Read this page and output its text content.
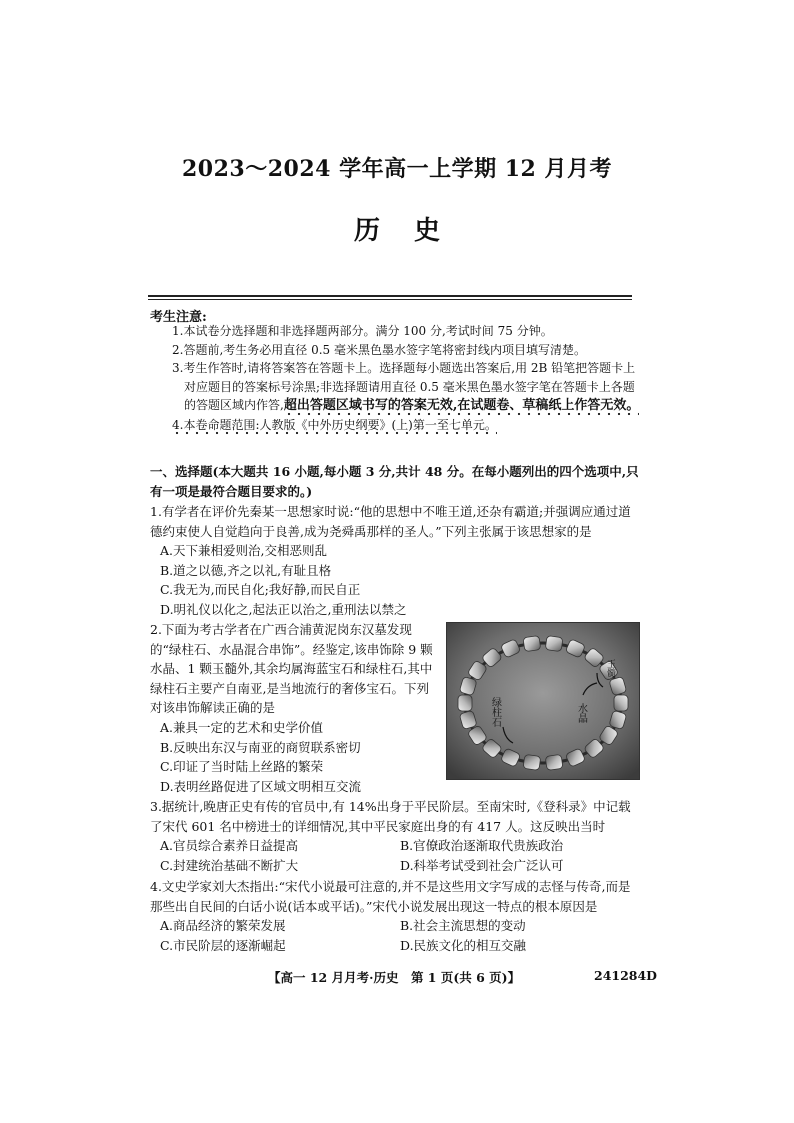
2023～2024 学年高一上学期 12 月月考
历史
考生注意:
1.本试卷分选择题和非选择题两部分。满分 100 分,考试时间 75 分钟。
2.答题前,考生务必用直径 0.5 毫米黑色墨水签字笔将密封线内项目填写清楚。
3.考生作答时,请将答案答在答题卡上。选择题每小题选出答案后,用 2B 铅笔把答题卡上对应题目的答案标号涂黑;非选择题请用直径 0.5 毫米黑色墨水签字笔在答题卡上各题的答题区域内作答,超出答题区域书写的答案无效,在试题卷、草稿纸上作答无效。
4.本卷命题范围:人教版《中外历史纲要》(上)第一至七单元。
一、选择题(本大题共 16 小题,每小题 3 分,共计 48 分。在每小题列出的四个选项中,只有一项是最符合题目要求的。)

1.有学者在评价先秦某一思想家时说:“他的思想中不唯王道,还杂有霸道;并强调应通过道德约束使人自觉趋向于良善,成为尧舜禹那样的圣人。”下列主张属于该思想家的是

A.天下兼相爱则治,交相恶则乱

B.道之以德,齐之以礼,有耻且格

C.我无为,而民自化;我好静,而民自正

D.明礼仪以化之,起法正以治之,重刑法以禁之

2.下面为考古学者在广西合浦黄泥岗东汉墓发现的“绿柱石、水晶混合串饰”。经鉴定,该串饰除 9 颗水晶、1 颗玉髓外,其余均属海蓝宝石和绿柱石,其中绿柱石主要产自南亚,是当地流行的奢侈宝石。下列对该串饰解读正确的是

A.兼具一定的艺术和史学价值

B.反映出东汉与南亚的商贸联系密切

C.印证了当时陆上丝路的繁荣

D.表明丝路促进了区域文明相互交流

绿柱石
玉髓
水晶

3.据统计,晚唐正史有传的官员中,有 14%出身于平民阶层。至南宋时,《登科录》中记载了宋代 601 名中榜进士的详细情况,其中平民家庭出身的有 417 人。这反映出当时

A.官员综合素养日益提高	B.官僚政治逐渐取代贵族政治
C.封建统治基础不断扩大	D.科举考试受到社会广泛认可

4.文史学家刘大杰指出:“宋代小说最可注意的,并不是这些用文字写成的志怪与传奇,而是那些出自民间的白话小说(话本或平话)。”宋代小说发展出现这一特点的根本原因是

A.商品经济的繁荣发展	B.社会主流思想的变动
C.市民阶层的逐渐崛起	D.民族文化的相互交融
【高一 12 月月考·历史　第 1 页(共 6 页)】	241284D
